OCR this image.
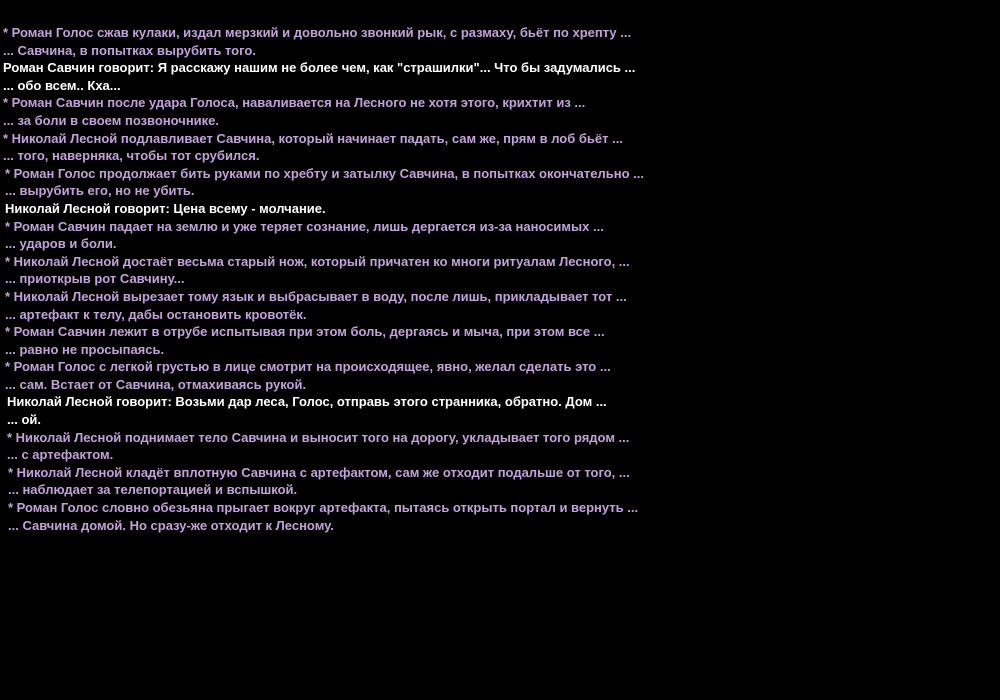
* Роман Голос сжав кулаки, издал мерзкий и довольно звонкий рык, с размаху, бьёт по хрепту ...
... Савчина, в попытках вырубить того.
Роман Савчин говорит: Я расскажу нашим не более чем, как "страшилки"... Что бы задумались ...
... обо всем.. Кха...
* Роман Савчин после удара Голоса, наваливается на Лесного не хотя этого, крихтит из ...
... за боли в своем позвоночнике.
* Николай Лесной подлавливает Савчина, который начинает падать, сам же, прям в лоб бьёт ...
... того, наверняка, чтобы тот срубился.
* Роман Голос продолжает бить руками по хребту и затылку Савчина, в попытках окончательно ...
... вырубить его, но не убить.
Николай Лесной говорит: Цена всему - молчание.
* Роман Савчин падает на землю и уже теряет сознание, лишь дергается из-за наносимых ...
... ударов и боли.
* Николай Лесной достаёт весьма старый нож, который причатен ко многи ритуалам Лесного, ...
... приоткрыв рот Савчину...
* Николай Лесной вырезает тому язык и выбрасывает в воду, после лишь, прикладывает тот ...
... артефакт к телу, дабы остановить кровотёк.
* Роман Савчин лежит в отрубе испытывая при этом боль, дергаясь и мыча, при этом все ...
... равно не просыпаясь.
* Роман Голос с легкой грустью в лице смотрит на происходящее, явно, желал сделать это ...
... сам. Встает от Савчина, отмахиваясь рукой.
Николай Лесной говорит: Возьми дар леса, Голос, отправь этого странника, обратно. Дом ...
... ой.
* Николай Лесной поднимает тело Савчина и выносит того на дорогу, укладывает того рядом ...
... с артефактом.
* Николай Лесной кладёт вплотную Савчина с артефактом, сам же отходит подальше от того, ...
... наблюдает за телепортацией и вспышкой.
* Роман Голос словно обезьяна прыгает вокруг артефакта, пытаясь открыть портал и вернуть ...
... Савчина домой. Но сразу-же отходит к Лесному.
